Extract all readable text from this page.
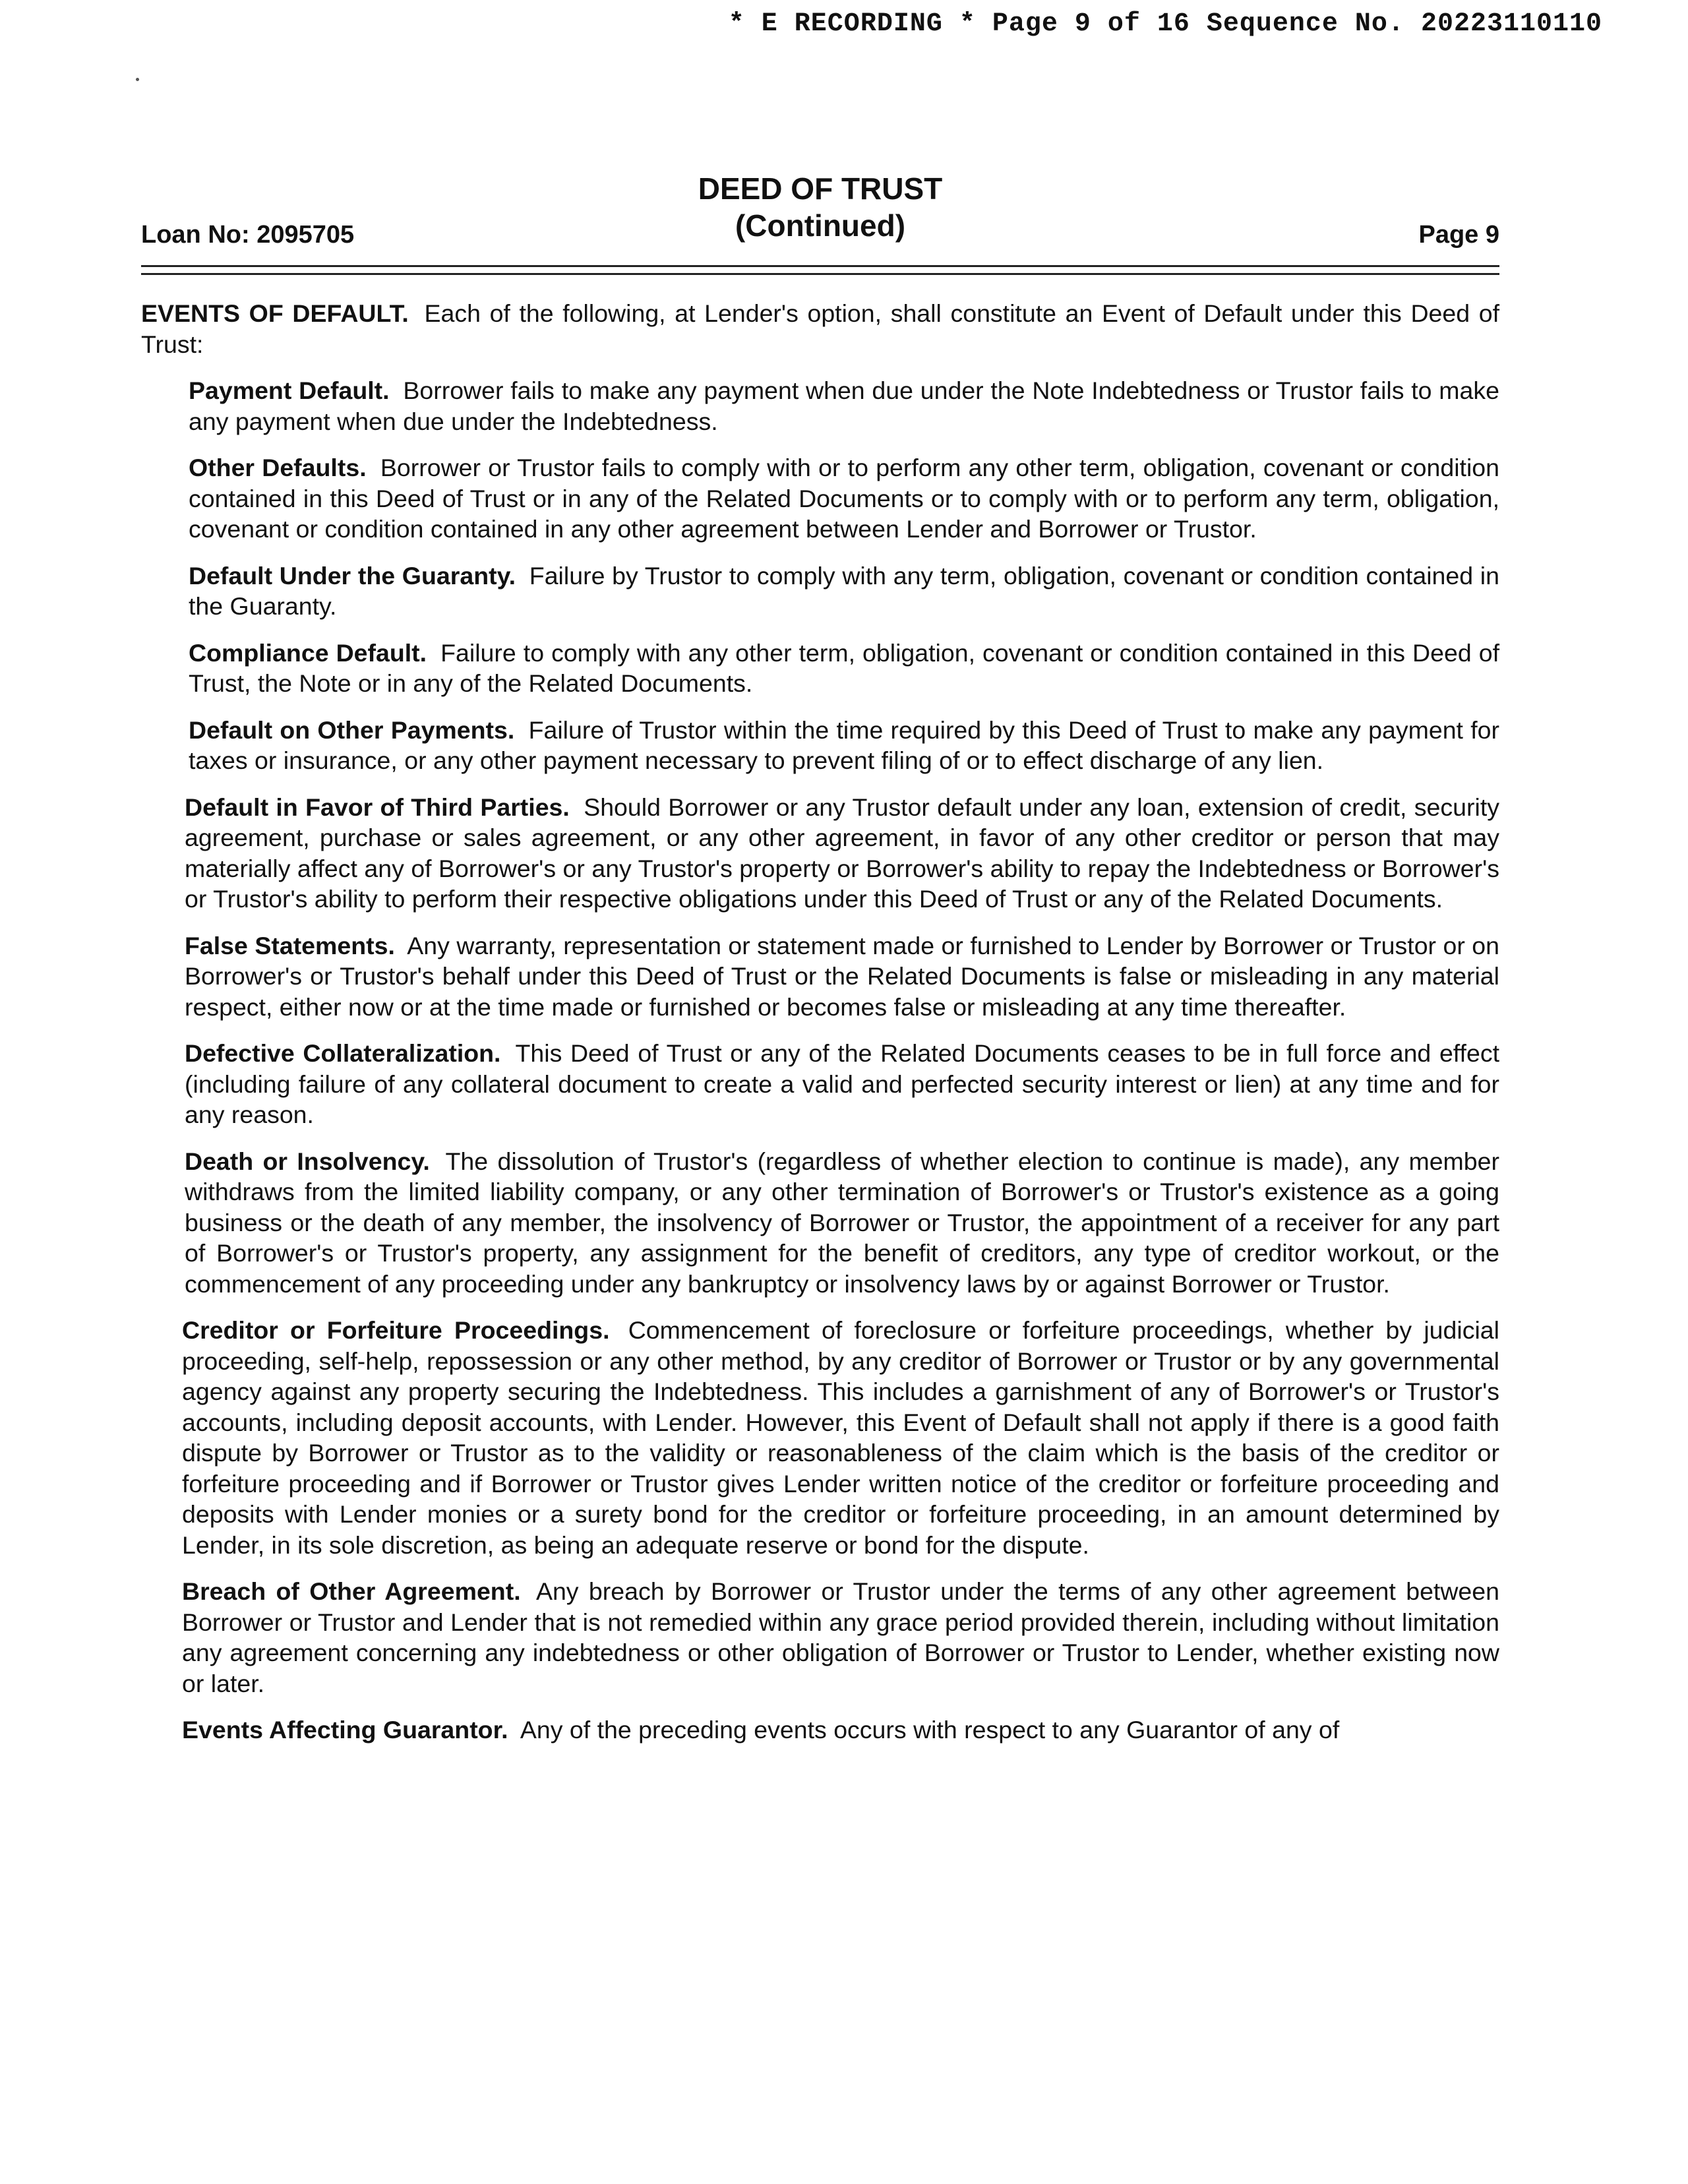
* E RECORDING * Page 9 of 16 Sequence No. 20223110110
Loan No: 2095705
DEED OF TRUST
(Continued)	Page 9

EVENTS OF DEFAULT. Each of the following, at Lender's option, shall constitute an Event of Default under this Deed of Trust:

Payment Default. Borrower fails to make any payment when due under the Note Indebtedness or Trustor fails to make any payment when due under the Indebtedness.

Other Defaults. Borrower or Trustor fails to comply with or to perform any other term, obligation, covenant or condition contained in this Deed of Trust or in any of the Related Documents or to comply with or to perform any term, obligation, covenant or condition contained in any other agreement between Lender and Borrower or Trustor.

Default Under the Guaranty. Failure by Trustor to comply with any term, obligation, covenant or condition contained in the Guaranty.

Compliance Default. Failure to comply with any other term, obligation, covenant or condition contained in this Deed of Trust, the Note or in any of the Related Documents.

Default on Other Payments. Failure of Trustor within the time required by this Deed of Trust to make any payment for taxes or insurance, or any other payment necessary to prevent filing of or to effect discharge of any lien.

Default in Favor of Third Parties. Should Borrower or any Trustor default under any loan, extension of credit, security agreement, purchase or sales agreement, or any other agreement, in favor of any other creditor or person that may materially affect any of Borrower's or any Trustor's property or Borrower's ability to repay the Indebtedness or Borrower's or Trustor's ability to perform their respective obligations under this Deed of Trust or any of the Related Documents.

False Statements. Any warranty, representation or statement made or furnished to Lender by Borrower or Trustor or on Borrower's or Trustor's behalf under this Deed of Trust or the Related Documents is false or misleading in any material respect, either now or at the time made or furnished or becomes false or misleading at any time thereafter.

Defective Collateralization. This Deed of Trust or any of the Related Documents ceases to be in full force and effect (including failure of any collateral document to create a valid and perfected security interest or lien) at any time and for any reason.

Death or Insolvency. The dissolution of Trustor's (regardless of whether election to continue is made), any member withdraws from the limited liability company, or any other termination of Borrower's or Trustor's existence as a going business or the death of any member, the insolvency of Borrower or Trustor, the appointment of a receiver for any part of Borrower's or Trustor's property, any assignment for the benefit of creditors, any type of creditor workout, or the commencement of any proceeding under any bankruptcy or insolvency laws by or against Borrower or Trustor.

Creditor or Forfeiture Proceedings. Commencement of foreclosure or forfeiture proceedings, whether by judicial proceeding, self-help, repossession or any other method, by any creditor of Borrower or Trustor or by any governmental agency against any property securing the Indebtedness. This includes a garnishment of any of Borrower's or Trustor's accounts, including deposit accounts, with Lender. However, this Event of Default shall not apply if there is a good faith dispute by Borrower or Trustor as to the validity or reasonableness of the claim which is the basis of the creditor or forfeiture proceeding and if Borrower or Trustor gives Lender written notice of the creditor or forfeiture proceeding and deposits with Lender monies or a surety bond for the creditor or forfeiture proceeding, in an amount determined by Lender, in its sole discretion, as being an adequate reserve or bond for the dispute.

Breach of Other Agreement. Any breach by Borrower or Trustor under the terms of any other agreement between Borrower or Trustor and Lender that is not remedied within any grace period provided therein, including without limitation any agreement concerning any indebtedness or other obligation of Borrower or Trustor to Lender, whether existing now or later.

Events Affecting Guarantor. Any of the preceding events occurs with respect to any Guarantor of any of
